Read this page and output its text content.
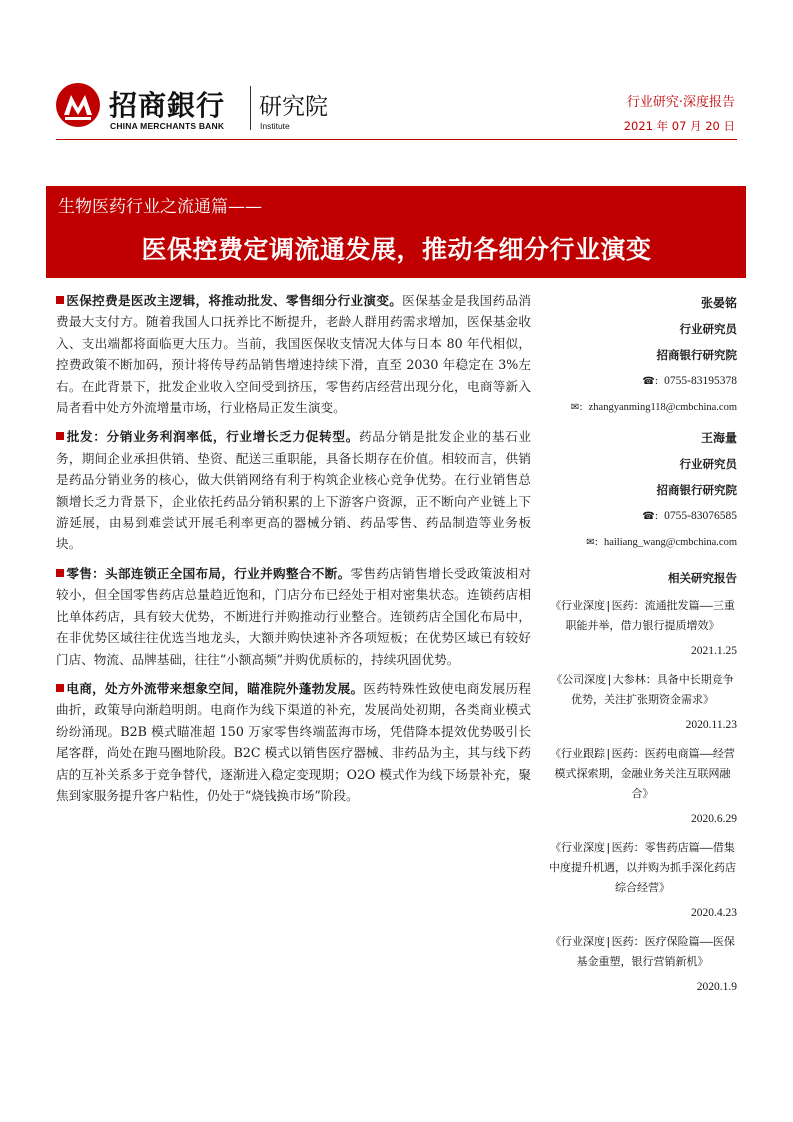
招商銀行
CHINA MERCHANTS BANK
研究院
Institute
行业研究·深度报告
2021 年 07 月 20 日
生物医药行业之流通篇——
医保控费定调流通发展，推动各细分行业演变

医保控费是医改主逻辑，将推动批发、零售细分行业演变。医保基金是我国药品消费最大支付方。随着我国人口抚养比不断提升，老龄人群用药需求增加，医保基金收入、支出端都将面临更大压力。当前，我国医保收支情况大体与日本 80 年代相似，控费政策不断加码，预计将传导药品销售增速持续下滑，直至 2030 年稳定在 3%左右。在此背景下，批发企业收入空间受到挤压，零售药店经营出现分化，电商等新入局者看中处方外流增量市场，行业格局正发生演变。

批发：分销业务利润率低，行业增长乏力促转型。药品分销是批发企业的基石业务，期间企业承担供销、垫资、配送三重职能，具备长期存在价值。相较而言，供销是药品分销业务的核心，做大供销网络有利于构筑企业核心竞争优势。在行业销售总额增长乏力背景下，企业依托药品分销积累的上下游客户资源，正不断向产业链上下游延展，由易到难尝试开展毛利率更高的器械分销、药品零售、药品制造等业务板块。

零售：头部连锁正全国布局，行业并购整合不断。零售药店销售增长受政策波相对较小，但全国零售药店总量趋近饱和，门店分布已经处于相对密集状态。连锁药店相比单体药店，具有较大优势，不断进行并购推动行业整合。连锁药店全国化布局中，在非优势区域往往优选当地龙头，大额并购快速补齐各项短板；在优势区域已有较好门店、物流、品牌基础，往往“小额高频”并购优质标的，持续巩固优势。

电商，处方外流带来想象空间，瞄准院外蓬勃发展。医药特殊性致使电商发展历程曲折，政策导向渐趋明朗。电商作为线下渠道的补充，发展尚处初期，各类商业模式纷纷涌现。B2B 模式瞄准超 150 万家零售终端蓝海市场，凭借降本提效优势吸引长尾客群，尚处在跑马圈地阶段。B2C 模式以销售医疗器械、非药品为主，其与线下药店的互补关系多于竞争替代，逐渐进入稳定变现期；O2O 模式作为线下场景补充，聚焦到家服务提升客户粘性，仍处于“烧钱换市场”阶段。

张晏铭
行业研究员
招商银行研究院
☎: 0755-83195378
✉: zhangyanming118@cmbchina.com
王海量
行业研究员
招商银行研究院
☎: 0755-83076585
✉: hailiang_wang@cmbchina.com
相关研究报告
《行业深度|医药：流通批发篇——三重职能并举，借力银行提质增效》
2021.1.25
《公司深度|大参林：具备中长期竞争优势，关注扩张期资金需求》
2020.11.23
《行业跟踪|医药：医药电商篇——经营模式探索期，金融业务关注互联网融合》
2020.6.29
《行业深度|医药：零售药店篇——借集中度提升机遇，以并购为抓手深化药店综合经营》
2020.4.23
《行业深度|医药：医疗保险篇——医保基金重塑，银行营销新机》
2020.1.9
